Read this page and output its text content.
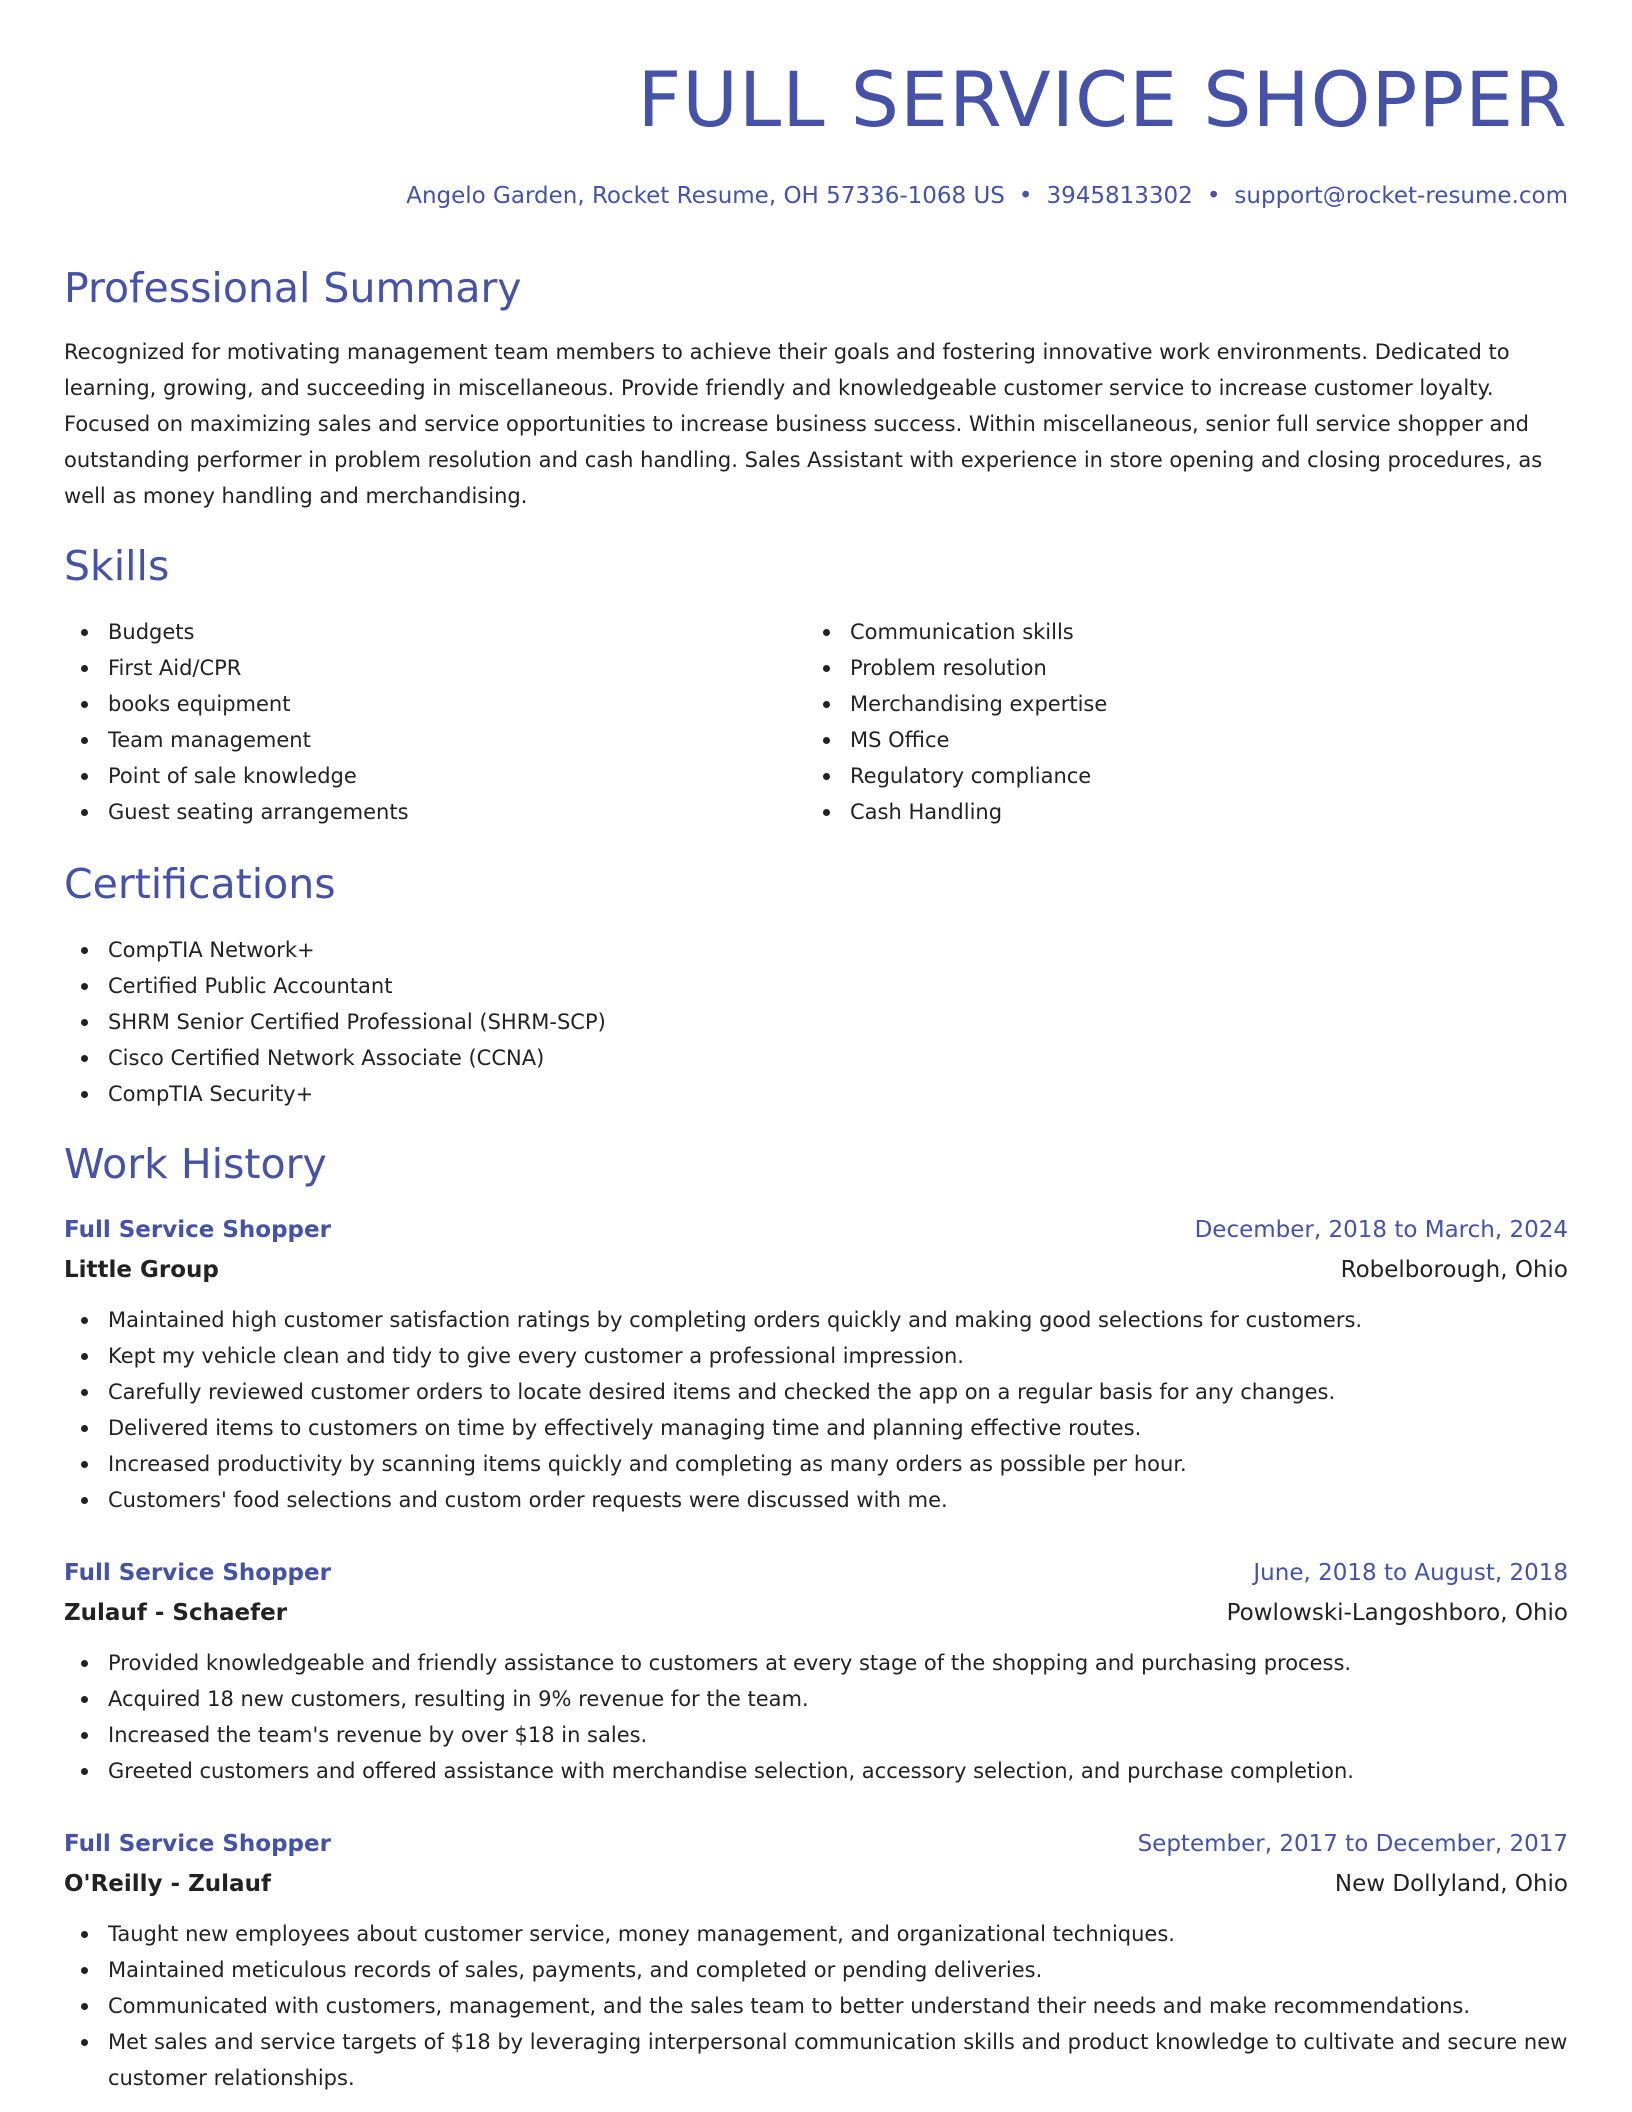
FULL SERVICE SHOPPER
Angelo Garden, Rocket Resume, OH 57336-1068 US • 3945813302 • support@rocket-resume.com
Professional Summary

Recognized for motivating management team members to achieve their goals and fostering innovative work environments. Dedicated to learning, growing, and succeeding in miscellaneous. Provide friendly and knowledgeable customer service to increase customer loyalty. Focused on maximizing sales and service opportunities to increase business success. Within miscellaneous, senior full service shopper and outstanding performer in problem resolution and cash handling. Sales Assistant with experience in store opening and closing procedures, as well as money handling and merchandising.

Skills
Budgets
First Aid/CPR
books equipment
Team management
Point of sale knowledge
Guest seating arrangements
Communication skills
Problem resolution
Merchandising expertise
MS Office
Regulatory compliance
Cash Handling
Certifications
CompTIA Network+
Certified Public Accountant
SHRM Senior Certified Professional (SHRM-SCP)
Cisco Certified Network Associate (CCNA)
CompTIA Security+
Work History
Full Service Shopper	December, 2018 to March, 2024
Little Group	Robelborough, Ohio
Maintained high customer satisfaction ratings by completing orders quickly and making good selections for customers.
Kept my vehicle clean and tidy to give every customer a professional impression.
Carefully reviewed customer orders to locate desired items and checked the app on a regular basis for any changes.
Delivered items to customers on time by effectively managing time and planning effective routes.
Increased productivity by scanning items quickly and completing as many orders as possible per hour.
Customers' food selections and custom order requests were discussed with me.
Full Service Shopper	June, 2018 to August, 2018
Zulauf - Schaefer	Powlowski-Langoshboro, Ohio
Provided knowledgeable and friendly assistance to customers at every stage of the shopping and purchasing process.
Acquired 18 new customers, resulting in 9% revenue for the team.
Increased the team's revenue by over $18 in sales.
Greeted customers and offered assistance with merchandise selection, accessory selection, and purchase completion.
Full Service Shopper	September, 2017 to December, 2017
O'Reilly - Zulauf	New Dollyland, Ohio
Taught new employees about customer service, money management, and organizational techniques.
Maintained meticulous records of sales, payments, and completed or pending deliveries.
Communicated with customers, management, and the sales team to better understand their needs and make recommendations.
Met sales and service targets of $18 by leveraging interpersonal communication skills and product knowledge to cultivate and secure new customer relationships.
